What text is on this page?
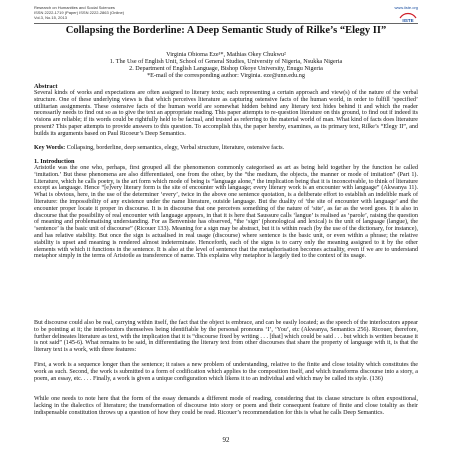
Research on Humanities and Social Sciences
ISSN 2222-1719 (Paper) ISSN 2222-2863 (Online)
Vol.3, No.15, 2013
www.iiste.org
IISTE
Collapsing the Borderline: A Deep Semantic Study of Rilke’s “Elegy II”
Virginia Obioma Eze¹*, Mathias Okey Chukwu²
1. The Use of English Unit, School of General Studies, University of Nigeria, Nsukka Nigeria
2. Department of English Language, Bishop Okoye University, Enugu Nigeria
*E-mail of the corresponding author: Virginia. eze@unn.edu.ng
Abstract
Several kinds of works and expectations are often assigned to literary texts; each representing a certain approach and view(s) of the nature of the verbal structure. One of these underlying views is that which perceives literature as capturing ostensive facts of the human world, in order to fulfill ‘specified’ utilitarian assignments. These ostensive facts of the human world are somewhat hidden behind any literary text hides behind it and which the reader necessarily needs to find out so as to give the text an appropriate reading. This paper attempts to re-question literature on this ground, to find out if indeed its visions are reliable; if its words could be rightfully held to be factual, and trusted as referring to the material world of man. What kind of facts does literature present? This paper attempts to provide answers to this question. To accomplish this, the paper hereby, examines, as its primary text, Rilke’s “Elegy II”, and builds its arguments based on Paul Ricoeur’s Deep Semantics.
Key Words: Collapsing, borderline, deep semantics, elegy, Verbal structure, literature, ostensive facts.
1. Introduction
Aristotle was the one who, perhaps, first grouped all the phenomenon commonly categorised as art as being held together by the function he called ‘imitation.’ But these phenomena are also differentiated, one from the other, by the “the medium, the objects, the manner or mode of imitation” (Part 1). Literature, which he calls poetry, is the art form which mode of being is “language alone,” the implication being that it is inconceivable, to think of literature except as language. Hence “[e]very literary form is the site of encounter with language; every literary work is an encounter with language” (Akwanya 11). What is obvious, here, in the use of the determiner ‘every’, twice in the above one sentence quotation, is a deliberate effort to establish an indelible mark of literature: the impossibility of any existence under the name literature, outside language. But the duality of ‘the site of encounter with language’ and the encounter proper locate it proper in discourse. It is in discourse that one perceives something of the nature of ‘site’, as far as the word goes. It is also in discourse that the possibility of real encounter with language appears, in that it is here that Saussure calls ‘langue’ is realised as ‘parole’, raising the question of meaning and problematising understanding. For as Benveniste has observed, “the ‘sign’ (phonological and lexical) is the unit of language (langue), the ‘sentence’ is the basic unit of discourse” (Ricouer 133). Meaning for a sign may be abstract, but it is within reach (by the use of the dictionary, for instance), and has relative stability. But once the sign is actualised in real usage (discourse) where sentence is the basic unit, or even within a phrase; the relative stability is upset and meaning is rendered almost indeterminate. Henceforth, each of the signs is to carry only the meaning assigned to it by the other elements with which it functions in the sentence. It is also at the level of sentence that the metaphorisation becomes actuality, even if we are to understand metaphor simply in the terms of Aristotle as transference of name. This explains why metaphor is largely tied to the context of its usage.
But discourse could also be real, carrying within itself, the fact that the object is embrace, and can be easily located; as the speech of the interlocutors appear to be pointing at it; the interlocutors themselves being identifiable by the personal pronouns ‘I’, ‘You’, etc (Akwanya, Semantics 256). Ricouer, therefore, further delineates literature as text, with the implication that it is “discourse fixed by writing . . . [that] which could be said . . . but which is written because it is not said” (145-6). What remains to be said, in differentiating the literary text from other discourses that share the property of language with it, is that the literary text is a work, with three features:
First, a work is a sequence longer than the sentence; it raises a new problem of understanding, relative to the finite and close totality which constitutes the work as such. Second, the work is submitted to a form of codification which applies to the composition itself, and which transforms discourse into a story, a poem, an essay, etc. . . . Finally, a work is given a unique configuration which likens it to an individual and which may be called its style. (136)
While one needs to note here that the form of the essay demands a different mode of reading, considering that its clause structure is often expositional, lacking in the dialectics of literature; the transformation of discourse into story or poem and their consequent feature of finite and close totality as their indispensable constitution throws up a question of how they could be read. Ricouer’s recommendation for this is what he calls Deep Semantics.
92
